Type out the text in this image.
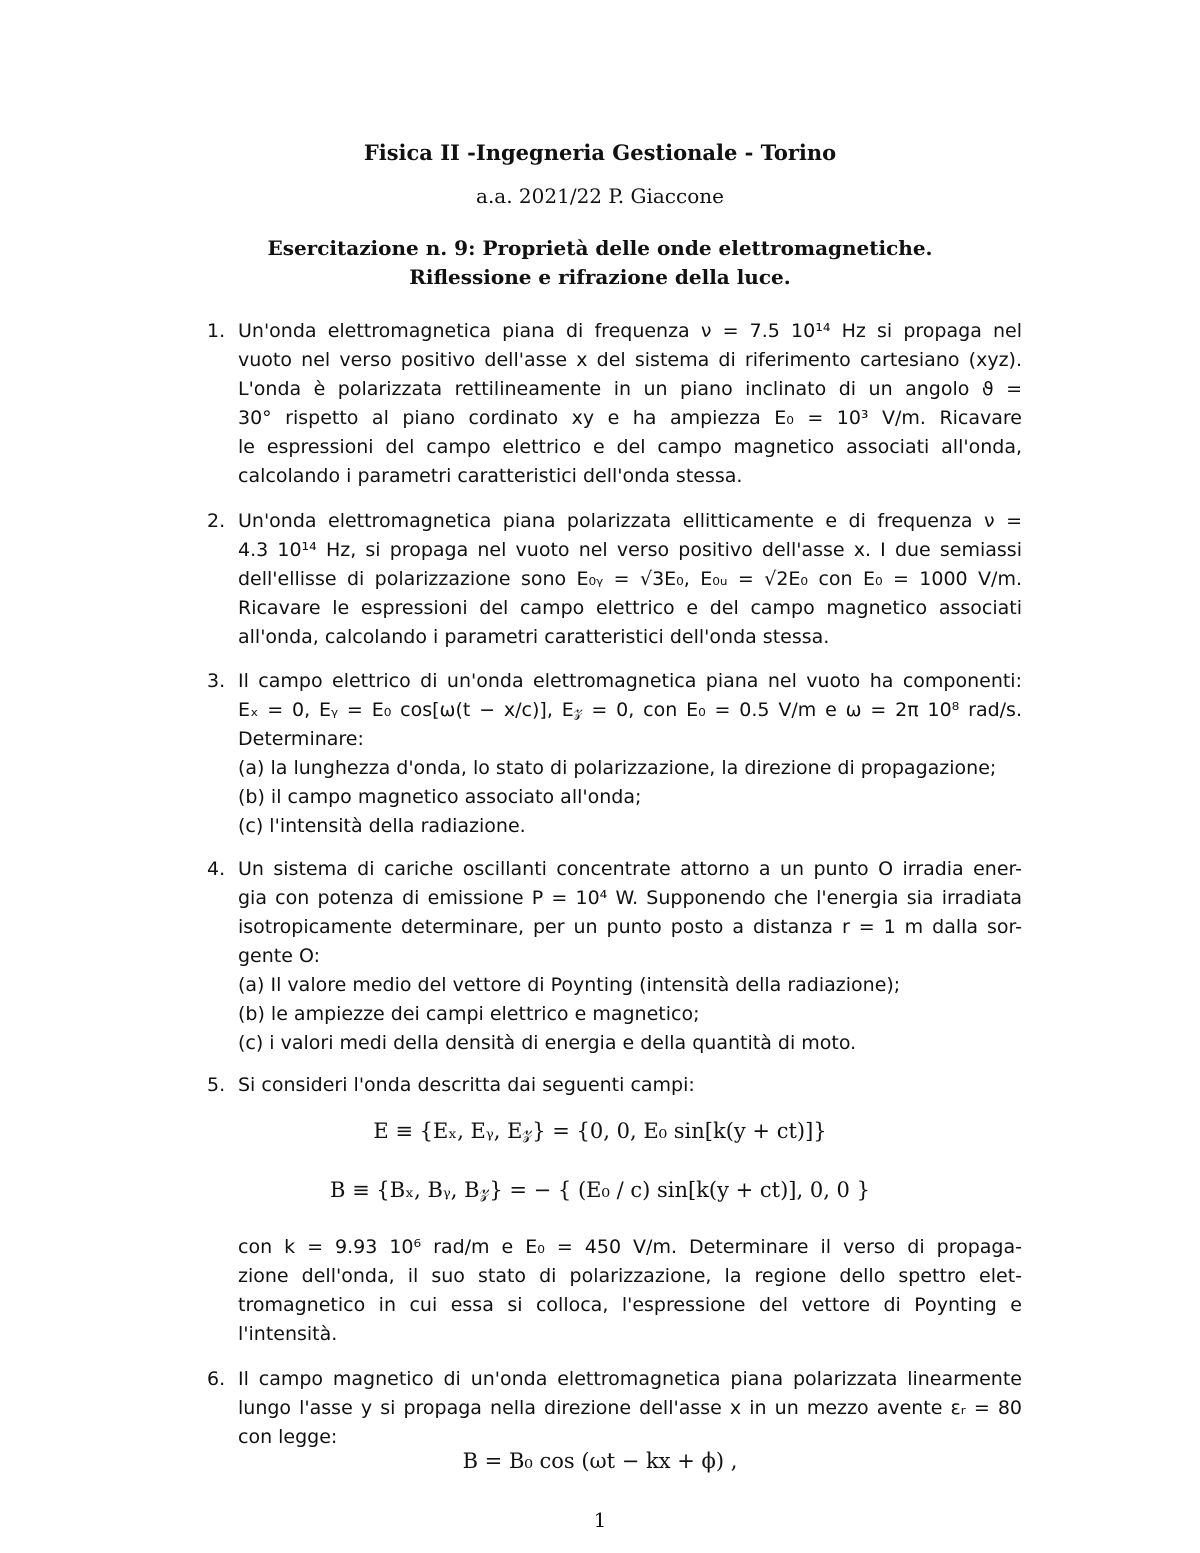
Fisica II -Ingegneria Gestionale - Torino
a.a. 2021/22 P. Giaccone
Esercitazione n. 9: Proprietà delle onde elettromagnetiche.
Riflessione e rifrazione della luce.
1. Un'onda elettromagnetica piana di frequenza ν = 7.5 10¹⁴ Hz si propaga nel
vuoto nel verso positivo dell'asse x del sistema di riferimento cartesiano (xyz).
L'onda è polarizzata rettilineamente in un piano inclinato di un angolo ϑ =
30° rispetto al piano cordinato xy e ha ampiezza E₀ = 10³ V/m. Ricavare
le espressioni del campo elettrico e del campo magnetico associati all'onda,
calcolando i parametri caratteristici dell'onda stessa.
2. Un'onda elettromagnetica piana polarizzata ellitticamente e di frequenza ν =
4.3 10¹⁴ Hz, si propaga nel vuoto nel verso positivo dell'asse x. I due semiassi
dell'ellisse di polarizzazione sono E₀ᵧ = √3E₀, E₀ᵤ = √2E₀ con E₀ = 1000 V/m.
Ricavare le espressioni del campo elettrico e del campo magnetico associati
all'onda, calcolando i parametri caratteristici dell'onda stessa.
3. Il campo elettrico di un'onda elettromagnetica piana nel vuoto ha componenti:
Eₓ = 0, Eᵧ = E₀ cos[ω(t − x/c)], E𝓏 = 0, con E₀ = 0.5 V/m e ω = 2π 10⁸ rad/s.
Determinare:
(a) la lunghezza d'onda, lo stato di polarizzazione, la direzione di propagazione;
(b) il campo magnetico associato all'onda;
(c) l'intensità della radiazione.
4. Un sistema di cariche oscillanti concentrate attorno a un punto O irradia ener-
gia con potenza di emissione P = 10⁴ W. Supponendo che l'energia sia irradiata
isotropicamente determinare, per un punto posto a distanza r = 1 m dalla sor-
gente O:
(a) Il valore medio del vettore di Poynting (intensità della radiazione);
(b) le ampiezze dei campi elettrico e magnetico;
(c) i valori medi della densità di energia e della quantità di moto.
5. Si consideri l'onda descritta dai seguenti campi:
E ≡ {Eₓ, Eᵧ, E𝓏} = {0, 0, E₀ sin[k(y + ct)]}
B ≡ {Bₓ, Bᵧ, B𝓏} = − { (E₀ / c) sin[k(y + ct)], 0, 0 }
con k = 9.93 10⁶ rad/m e E₀ = 450 V/m. Determinare il verso di propaga-
zione dell'onda, il suo stato di polarizzazione, la regione dello spettro elet-
tromagnetico in cui essa si colloca, l'espressione del vettore di Poynting e
l'intensità.
6. Il campo magnetico di un'onda elettromagnetica piana polarizzata linearmente
lungo l'asse y si propaga nella direzione dell'asse x in un mezzo avente εᵣ = 80
con legge:
B = B₀ cos (ωt − kx + ϕ) ,
1
